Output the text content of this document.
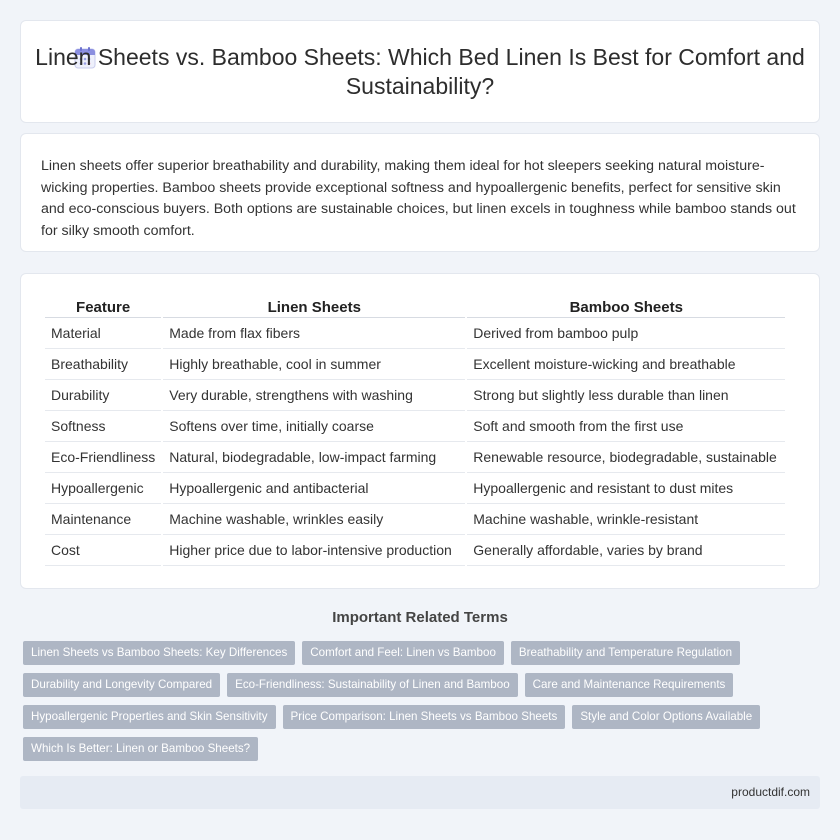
Linen Sheets vs. Bamboo Sheets: Which Bed Linen Is Best for Comfort and Sustainability?

Linen sheets offer superior breathability and durability, making them ideal for hot sleepers seeking natural moisture-wicking properties. Bamboo sheets provide exceptional softness and hypoallergenic benefits, perfect for sensitive skin and eco-conscious buyers. Both options are sustainable choices, but linen excels in toughness while bamboo stands out for silky smooth comfort.

Feature	Linen Sheets	Bamboo Sheets
Material	Made from flax fibers	Derived from bamboo pulp
Breathability	Highly breathable, cool in summer	Excellent moisture-wicking and breathable
Durability	Very durable, strengthens with washing	Strong but slightly less durable than linen
Softness	Softens over time, initially coarse	Soft and smooth from the first use
Eco-Friendliness	Natural, biodegradable, low-impact farming	Renewable resource, biodegradable, sustainable
Hypoallergenic	Hypoallergenic and antibacterial	Hypoallergenic and resistant to dust mites
Maintenance	Machine washable, wrinkles easily	Machine washable, wrinkle-resistant
Cost	Higher price due to labor-intensive production	Generally affordable, varies by brand
Important Related Terms
Linen Sheets vs Bamboo Sheets: Key Differences	Comfort and Feel: Linen vs Bamboo	Breathability and Temperature Regulation
Durability and Longevity Compared	Eco-Friendliness: Sustainability of Linen and Bamboo	Care and Maintenance Requirements
Hypoallergenic Properties and Skin Sensitivity	Price Comparison: Linen Sheets vs Bamboo Sheets	Style and Color Options Available
Which Is Better: Linen or Bamboo Sheets?
productdif.com
